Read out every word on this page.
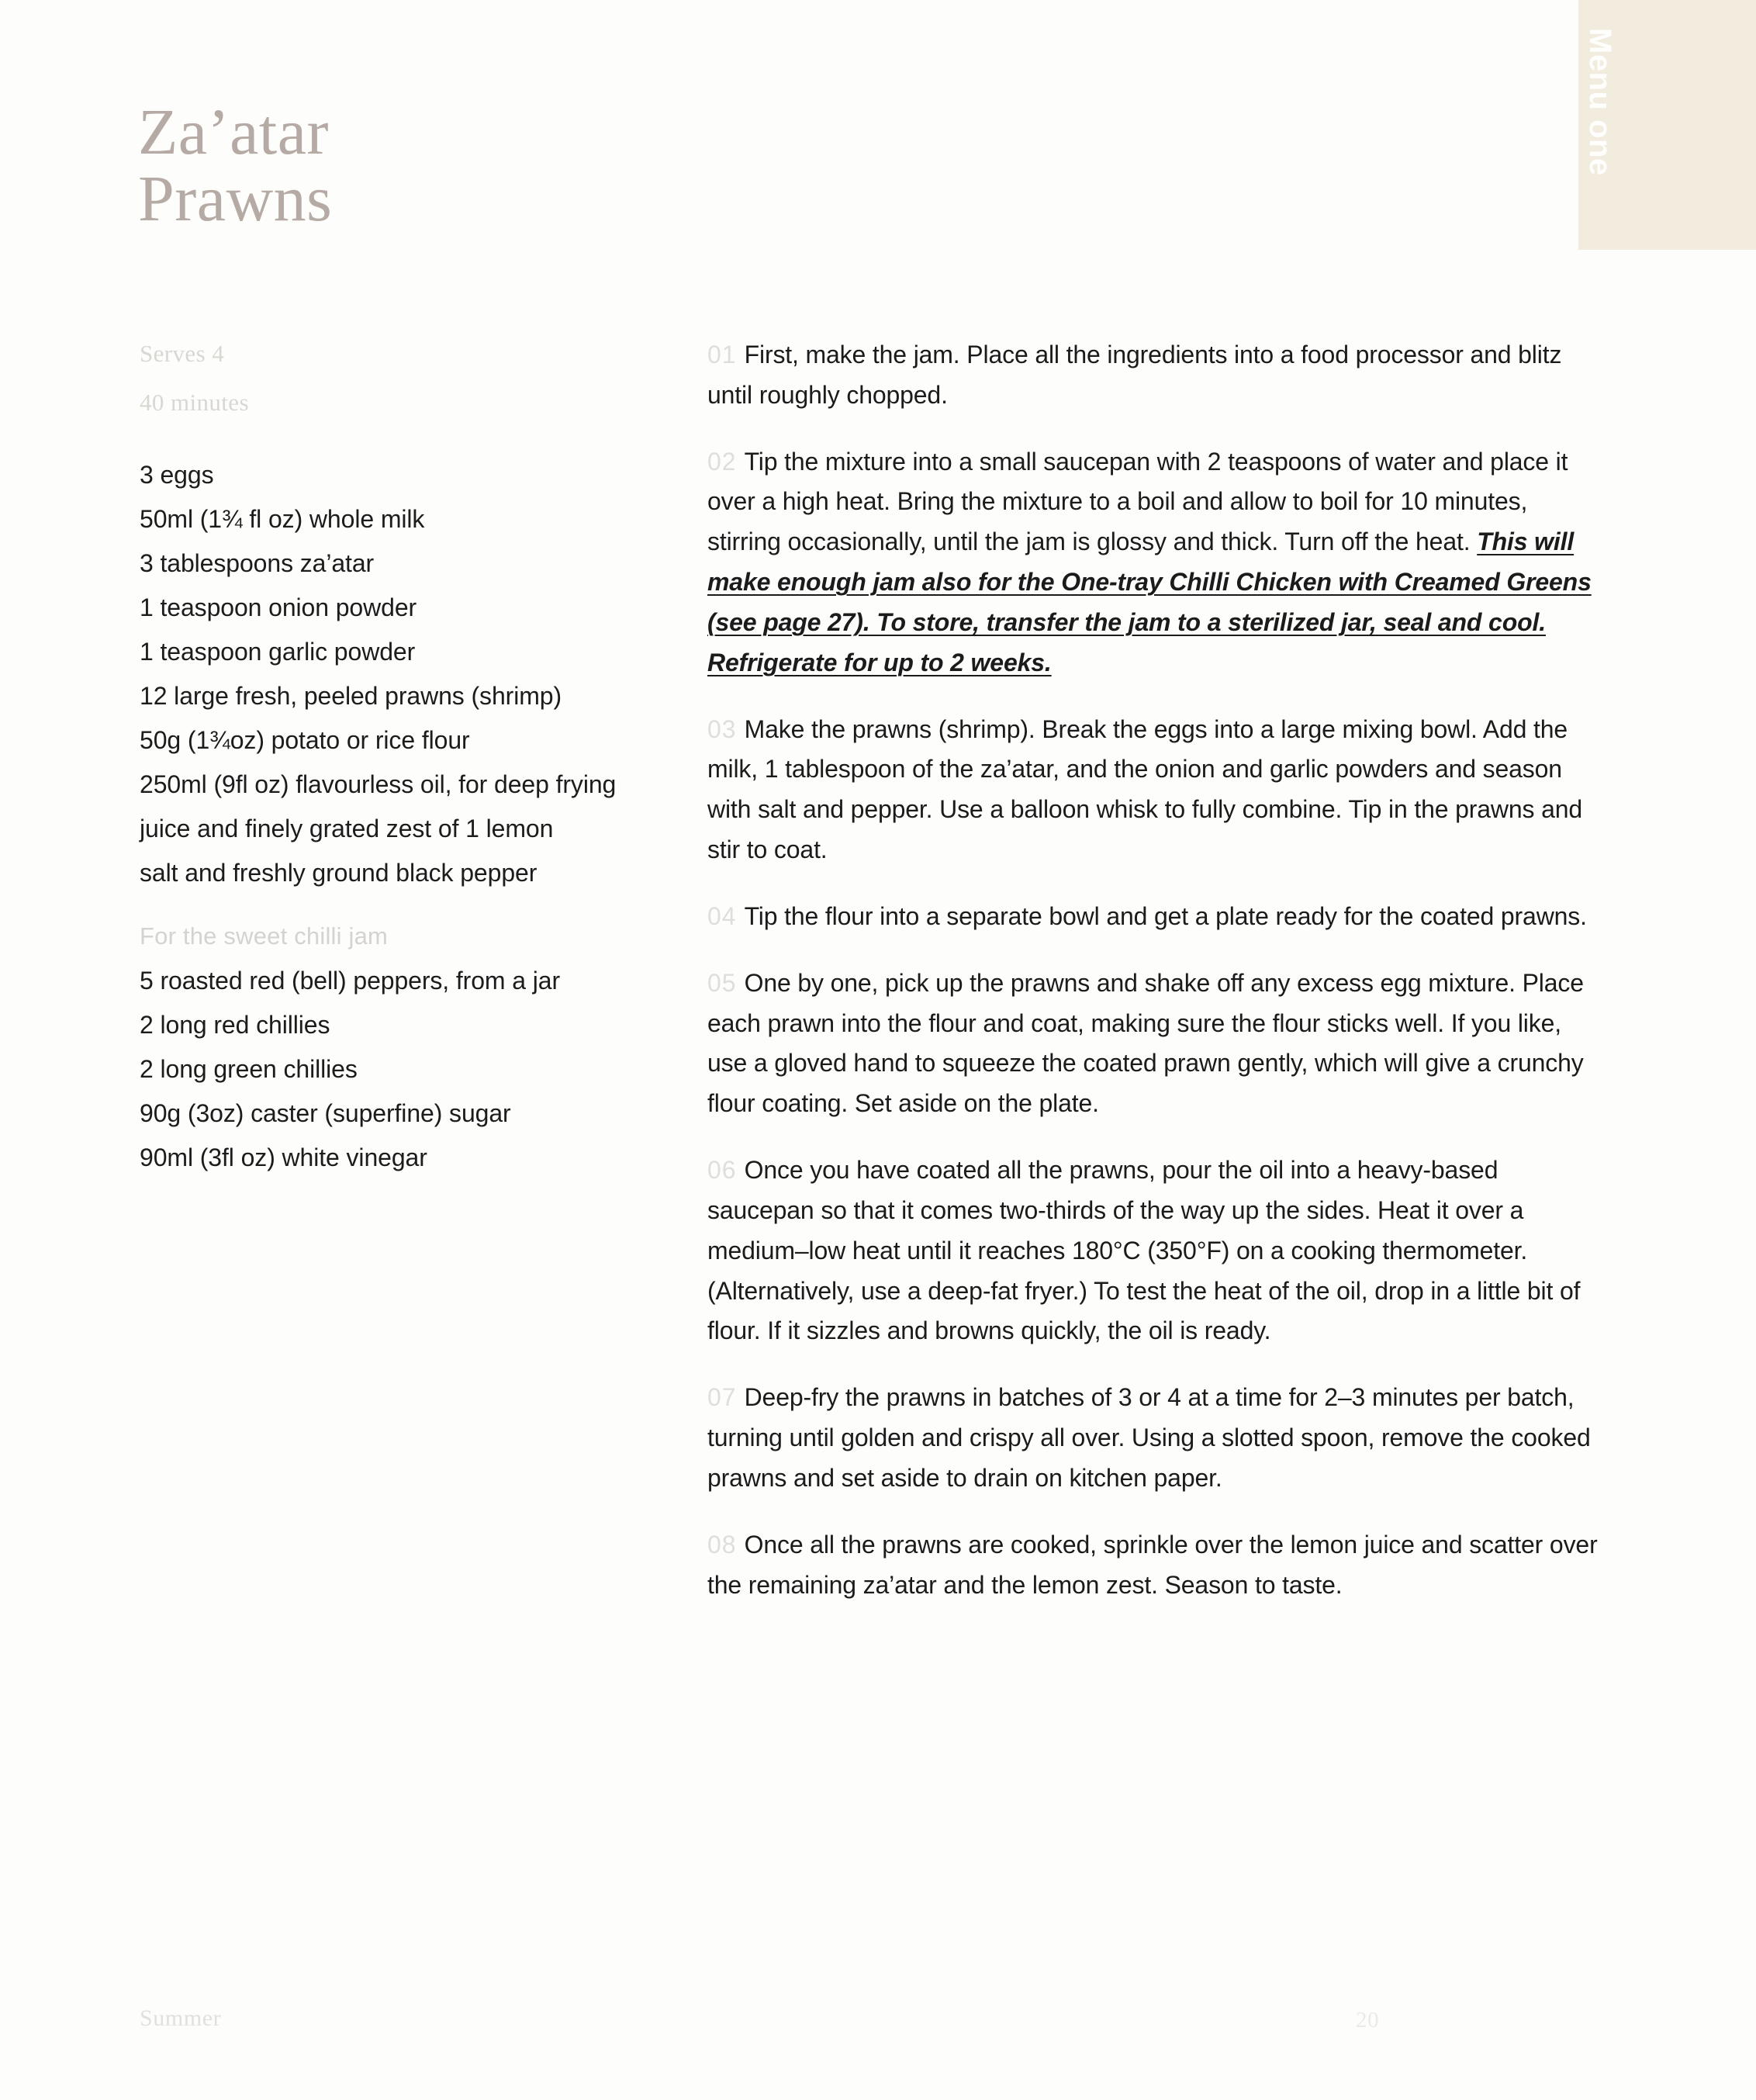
Menu one
Za’atar
Prawns
Serves 4
40 minutes
3 eggs
50ml (1¾ fl oz) whole milk
3 tablespoons za’atar
1 teaspoon onion powder
1 teaspoon garlic powder
12 large fresh, peeled prawns (shrimp)
50g (1¾oz) potato or rice flour
250ml (9fl oz) flavourless oil, for deep frying
juice and finely grated zest of 1 lemon
salt and freshly ground black pepper
For the sweet chilli jam
5 roasted red (bell) peppers, from a jar
2 long red chillies
2 long green chillies
90g (3oz) caster (superfine) sugar
90ml (3fl oz) white vinegar

01 First, make the jam. Place all the ingredients into a food processor and blitz until roughly chopped.

02 Tip the mixture into a small saucepan with 2 teaspoons of water and place it over a high heat. Bring the mixture to a boil and allow to boil for 10 minutes, stirring occasionally, until the jam is glossy and thick. Turn off the heat. This will make enough jam also for the One-tray Chilli Chicken with Creamed Greens (see page 27). To store, transfer the jam to a sterilized jar, seal and cool. Refrigerate for up to 2 weeks.

03 Make the prawns (shrimp). Break the eggs into a large mixing bowl. Add the milk, 1 tablespoon of the za’atar, and the onion and garlic powders and season with salt and pepper. Use a balloon whisk to fully combine. Tip in the prawns and stir to coat.

04 Tip the flour into a separate bowl and get a plate ready for the coated prawns.

05 One by one, pick up the prawns and shake off any excess egg mixture. Place each prawn into the flour and coat, making sure the flour sticks well. If you like, use a gloved hand to squeeze the coated prawn gently, which will give a crunchy flour coating. Set aside on the plate.

06 Once you have coated all the prawns, pour the oil into a heavy-based saucepan so that it comes two-thirds of the way up the sides. Heat it over a medium–low heat until it reaches 180°C (350°F) on a cooking thermometer. (Alternatively, use a deep-fat fryer.) To test the heat of the oil, drop in a little bit of flour. If it sizzles and browns quickly, the oil is ready.

07 Deep-fry the prawns in batches of 3 or 4 at a time for 2–3 minutes per batch, turning until golden and crispy all over. Using a slotted spoon, remove the cooked prawns and set aside to drain on kitchen paper.

08 Once all the prawns are cooked, sprinkle over the lemon juice and scatter over the remaining za’atar and the lemon zest. Season to taste.

Summer	20
